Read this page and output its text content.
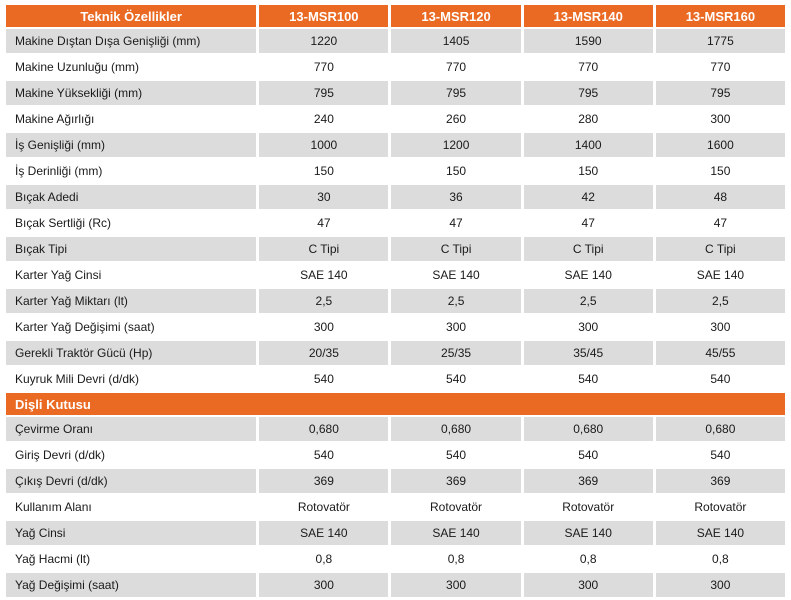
Teknik Özellikler	13-MSR100	13-MSR120	13-MSR140	13-MSR160
Makine Dıştan Dışa Genişliği (mm)	1220	1405	1590	1775
Makine Uzunluğu (mm)	770	770	770	770
Makine Yüksekliği (mm)	795	795	795	795
Makine Ağırlığı	240	260	280	300
İş Genişliği (mm)	1000	1200	1400	1600
İş Derinliği (mm)	150	150	150	150
Bıçak Adedi	30	36	42	48
Bıçak Sertliği (Rc)	47	47	47	47
Bıçak Tipi	C Tipi	C Tipi	C Tipi	C Tipi
Karter Yağ Cinsi	SAE 140	SAE 140	SAE 140	SAE 140
Karter Yağ Miktarı (lt)	2,5	2,5	2,5	2,5
Karter Yağ Değişimi (saat)	300	300	300	300
Gerekli Traktör Gücü (Hp)	20/35	25/35	35/45	45/55
Kuyruk Mili Devri (d/dk)	540	540	540	540
Dişli Kutusu				
Çevirme Oranı	0,680	0,680	0,680	0,680
Giriş Devri (d/dk)	540	540	540	540
Çıkış Devri (d/dk)	369	369	369	369
Kullanım Alanı	Rotovatör	Rotovatör	Rotovatör	Rotovatör
Yağ Cinsi	SAE 140	SAE 140	SAE 140	SAE 140
Yağ Hacmi (lt)	0,8	0,8	0,8	0,8
Yağ Değişimi (saat)	300	300	300	300
